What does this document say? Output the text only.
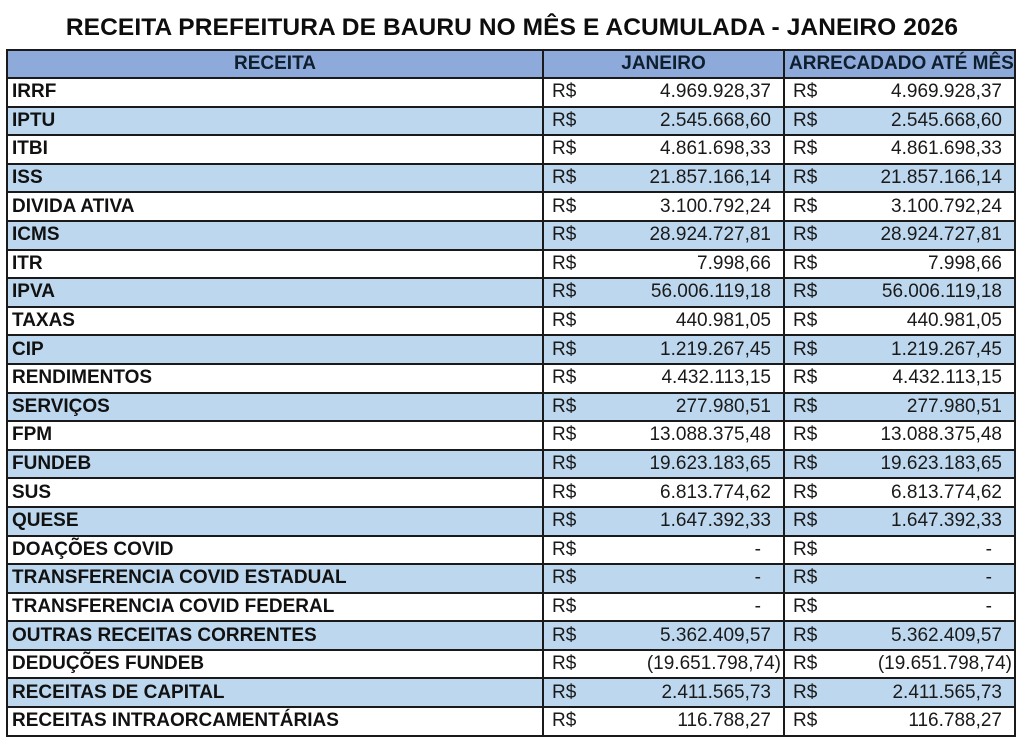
RECEITA PREFEITURA DE BAURU NO MÊS E ACUMULADA - JANEIRO 2026
RECEITA	JANEIRO		ARRECADADO ATÉ MÊS	
IRRF	R$	4.969.928,37	R$	4.969.928,37
IPTU	R$	2.545.668,60	R$	2.545.668,60
ITBI	R$	4.861.698,33	R$	4.861.698,33
ISS	R$	21.857.166,14	R$	21.857.166,14
DIVIDA ATIVA	R$	3.100.792,24	R$	3.100.792,24
ICMS	R$	28.924.727,81	R$	28.924.727,81
ITR	R$	7.998,66	R$	7.998,66
IPVA	R$	56.006.119,18	R$	56.006.119,18
TAXAS	R$	440.981,05	R$	440.981,05
CIP	R$	1.219.267,45	R$	1.219.267,45
RENDIMENTOS	R$	4.432.113,15	R$	4.432.113,15
SERVIÇOS	R$	277.980,51	R$	277.980,51
FPM	R$	13.088.375,48	R$	13.088.375,48
FUNDEB	R$	19.623.183,65	R$	19.623.183,65
SUS	R$	6.813.774,62	R$	6.813.774,62
QUESE	R$	1.647.392,33	R$	1.647.392,33
DOAÇÕES COVID	R$	-	R$	-
TRANSFERENCIA COVID ESTADUAL	R$	-	R$	-
TRANSFERENCIA COVID FEDERAL	R$	-	R$	-
OUTRAS RECEITAS CORRENTES	R$	5.362.409,57	R$	5.362.409,57
DEDUÇÕES FUNDEB	R$	(19.651.798,74)	R$	(19.651.798,74)
RECEITAS DE CAPITAL	R$	2.411.565,73	R$	2.411.565,73
RECEITAS INTRAORCAMENTÁRIAS	R$	116.788,27	R$	116.788,27
